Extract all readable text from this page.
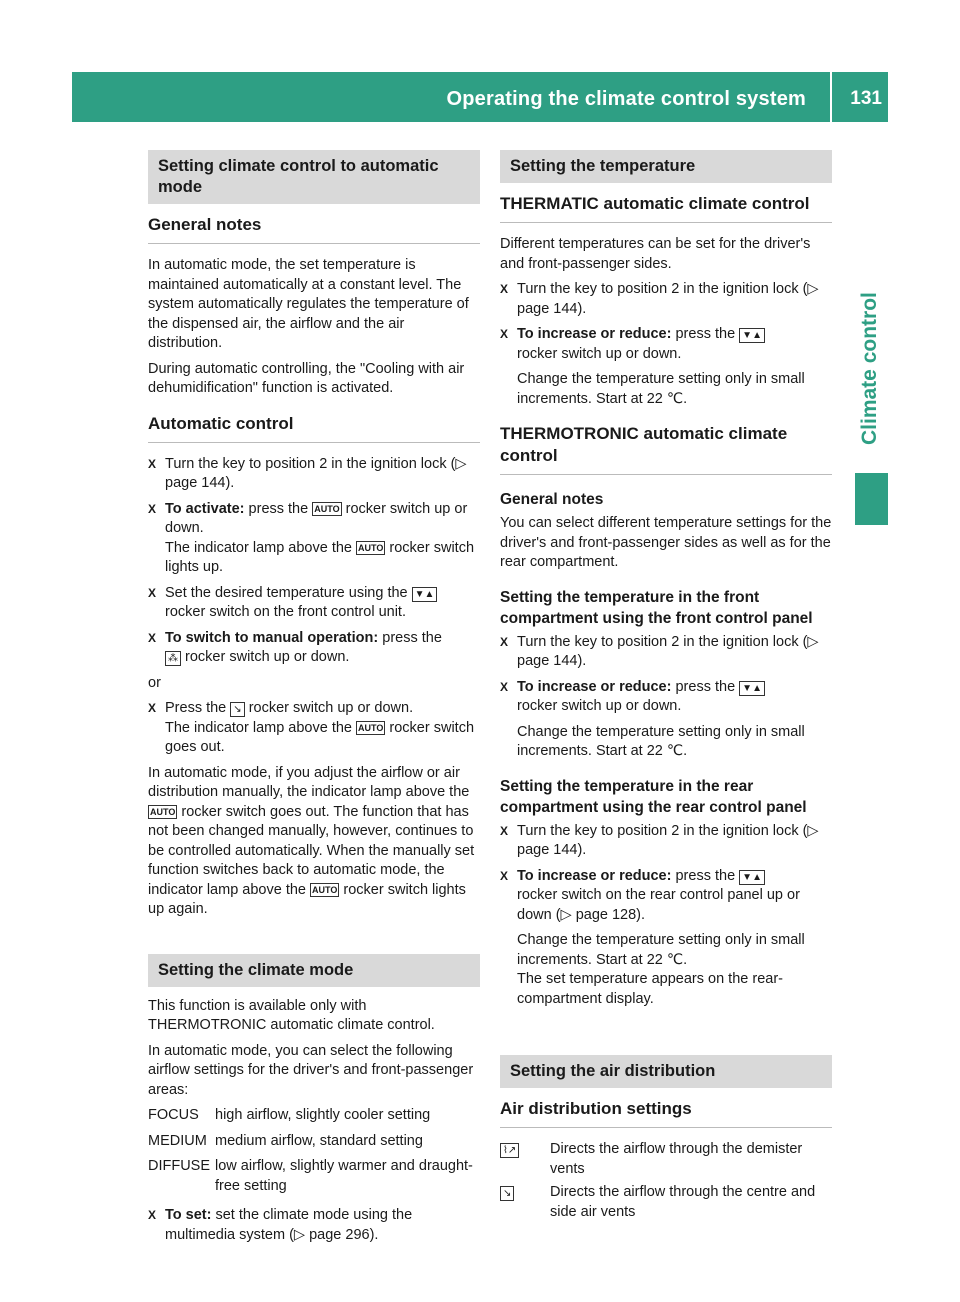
Operating the climate control system 131
Climate control
Setting climate control to automatic mode
General notes

In automatic mode, the set temperature is maintained automatically at a constant level. The system automatically regulates the temperature of the dispensed air, the airflow and the air distribution.

During automatic controlling, the "Cooling with air dehumidification" function is activated.

Automatic control
X Turn the key to position 2 in the ignition lock (▷ page 144).
X To activate: press the AUTO rocker switch up or down.
The indicator lamp above the AUTO rocker switch lights up.
X Set the desired temperature using the ▼▲ rocker switch on the front control unit.
X To switch to manual operation: press the
⁂ rocker switch up or down.

or

X Press the ↘ rocker switch up or down.
The indicator lamp above the AUTO rocker switch goes out.

In automatic mode, if you adjust the airflow or air distribution manually, the indicator lamp above the AUTO rocker switch goes out. The function that has not been changed manually, however, continues to be controlled automatically. When the manually set function switches back to automatic mode, the indicator lamp above the AUTO rocker switch lights up again.

Setting the climate mode

This function is available only with THERMOTRONIC automatic climate control.

In automatic mode, you can select the following airflow settings for the driver's and front-passenger areas:

FOCUS	high airflow, slightly cooler setting
MEDIUM medium airflow, standard setting
DIFFUSE low airflow, slightly warmer and draught-free setting
X To set: set the climate mode using the multimedia system (▷ page 296).
Setting the temperature
THERMATIC automatic climate control

Different temperatures can be set for the driver's and front-passenger sides.

X Turn the key to position 2 in the ignition lock (▷ page 144).
X To increase or reduce: press the ▼▲
rocker switch up or down.
Change the temperature setting only in small increments. Start at 22 ℃.
THERMOTRONIC automatic climate control
General notes

You can select different temperature settings for the driver's and front-passenger sides as well as for the rear compartment.

Setting the temperature in the front compartment using the front control panel
X Turn the key to position 2 in the ignition lock (▷ page 144).
X To increase or reduce: press the ▼▲
rocker switch up or down.
Change the temperature setting only in small increments. Start at 22 ℃.
Setting the temperature in the rear compartment using the rear control panel
X Turn the key to position 2 in the ignition lock (▷ page 144).
X To increase or reduce: press the ▼▲
rocker switch on the rear control panel up or down (▷ page 128).
Change the temperature setting only in small increments. Start at 22 ℃.
The set temperature appears on the rear-compartment display.
Setting the air distribution
Air distribution settings
⌇↗	Directs the airflow through the demister vents
↘	Directs the airflow through the centre and side air vents
